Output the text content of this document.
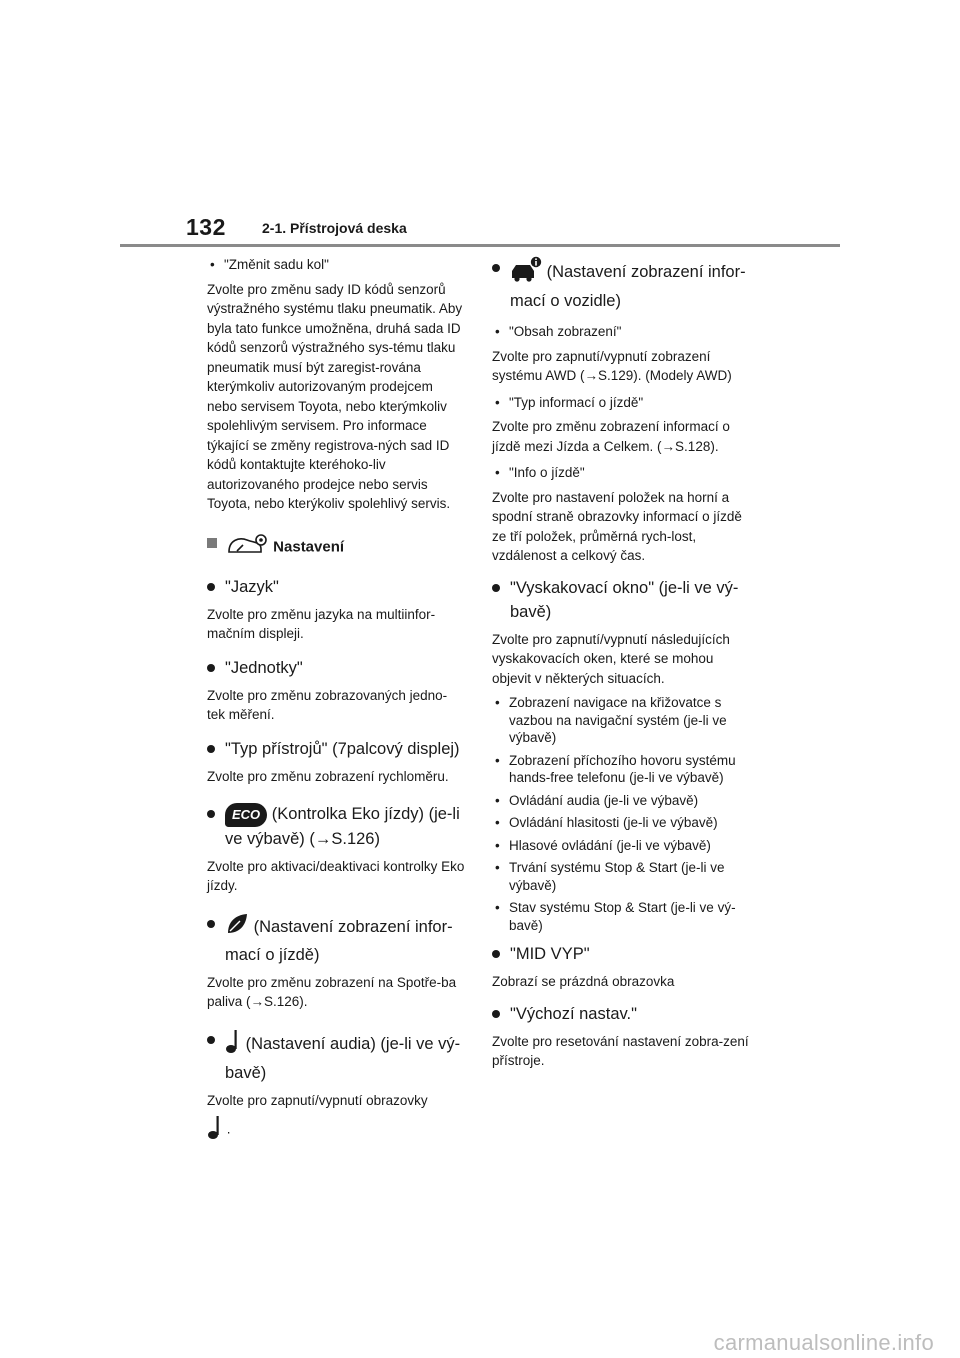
132	2-1. Přístrojová deska

• "Změnit sadu kol"

Zvolte pro změnu sady ID kódů senzorů výstražného systému tlaku pneumatik. Aby byla tato funkce umožněna, druhá sada ID kódů senzorů výstražného sys-tému tlaku pneumatik musí být zaregist-rována kterýmkoliv autorizovaným prodejcem nebo servisem Toyota, nebo kterýmkoliv spolehlivým servisem. Pro informace týkající se změny registrova-ných sad ID kódů kontaktujte kteréhoko-liv autorizovaného prodejce nebo servis Toyota, nebo kterýkoliv spolehlivý servis.

Nastavení

"Jazyk"

Zvolte pro změnu jazyka na multiinfor-mačním displeji.

"Jednotky"

Zvolte pro změnu zobrazovaných jedno-tek měření.

"Typ přístrojů" (7palcový displej)

Zvolte pro změnu zobrazení rychloměru.

ECO (Kontrolka Eko jízdy) (je-li ve výbavě) (→S.126)

Zvolte pro aktivaci/deaktivaci kontrolky Eko jízdy.

(Nastavení zobrazení infor-mací o jízdě)

Zvolte pro změnu zobrazení na Spotře-ba paliva (→S.126).

(Nastavení audia) (je-li ve vý-bavě)

Zvolte pro zapnutí/vypnutí obrazovky

.

(Nastavení zobrazení infor-mací o vozidle)

• "Obsah zobrazení"

Zvolte pro zapnutí/vypnutí zobrazení systému AWD (→S.129). (Modely AWD)

• "Typ informací o jízdě"

Zvolte pro změnu zobrazení informací o jízdě mezi Jízda a Celkem. (→S.128).

• "Info o jízdě"

Zvolte pro nastavení položek na horní a spodní straně obrazovky informací o jízdě ze tří položek, průměrná rych-lost, vzdálenost a celkový čas.

"Vyskakovací okno" (je-li ve vý-bavě)

Zvolte pro zapnutí/vypnutí následujících vyskakovacích oken, které se mohou objevit v některých situacích.

• Zobrazení navigace na křižovatce s vazbou na navigační systém (je-li ve výbavě)

• Zobrazení příchozího hovoru systému hands-free telefonu (je-li ve výbavě)

• Ovládání audia (je-li ve výbavě)

• Ovládání hlasitosti (je-li ve výbavě)

• Hlasové ovládání (je-li ve výbavě)

• Trvání systému Stop & Start (je-li ve výbavě)

• Stav systému Stop & Start (je-li ve vý-bavě)

"MID VYP"

Zobrazí se prázdná obrazovka

"Výchozí nastav."

Zvolte pro resetování nastavení zobra-zení přístroje.

carmanualsonline.info
